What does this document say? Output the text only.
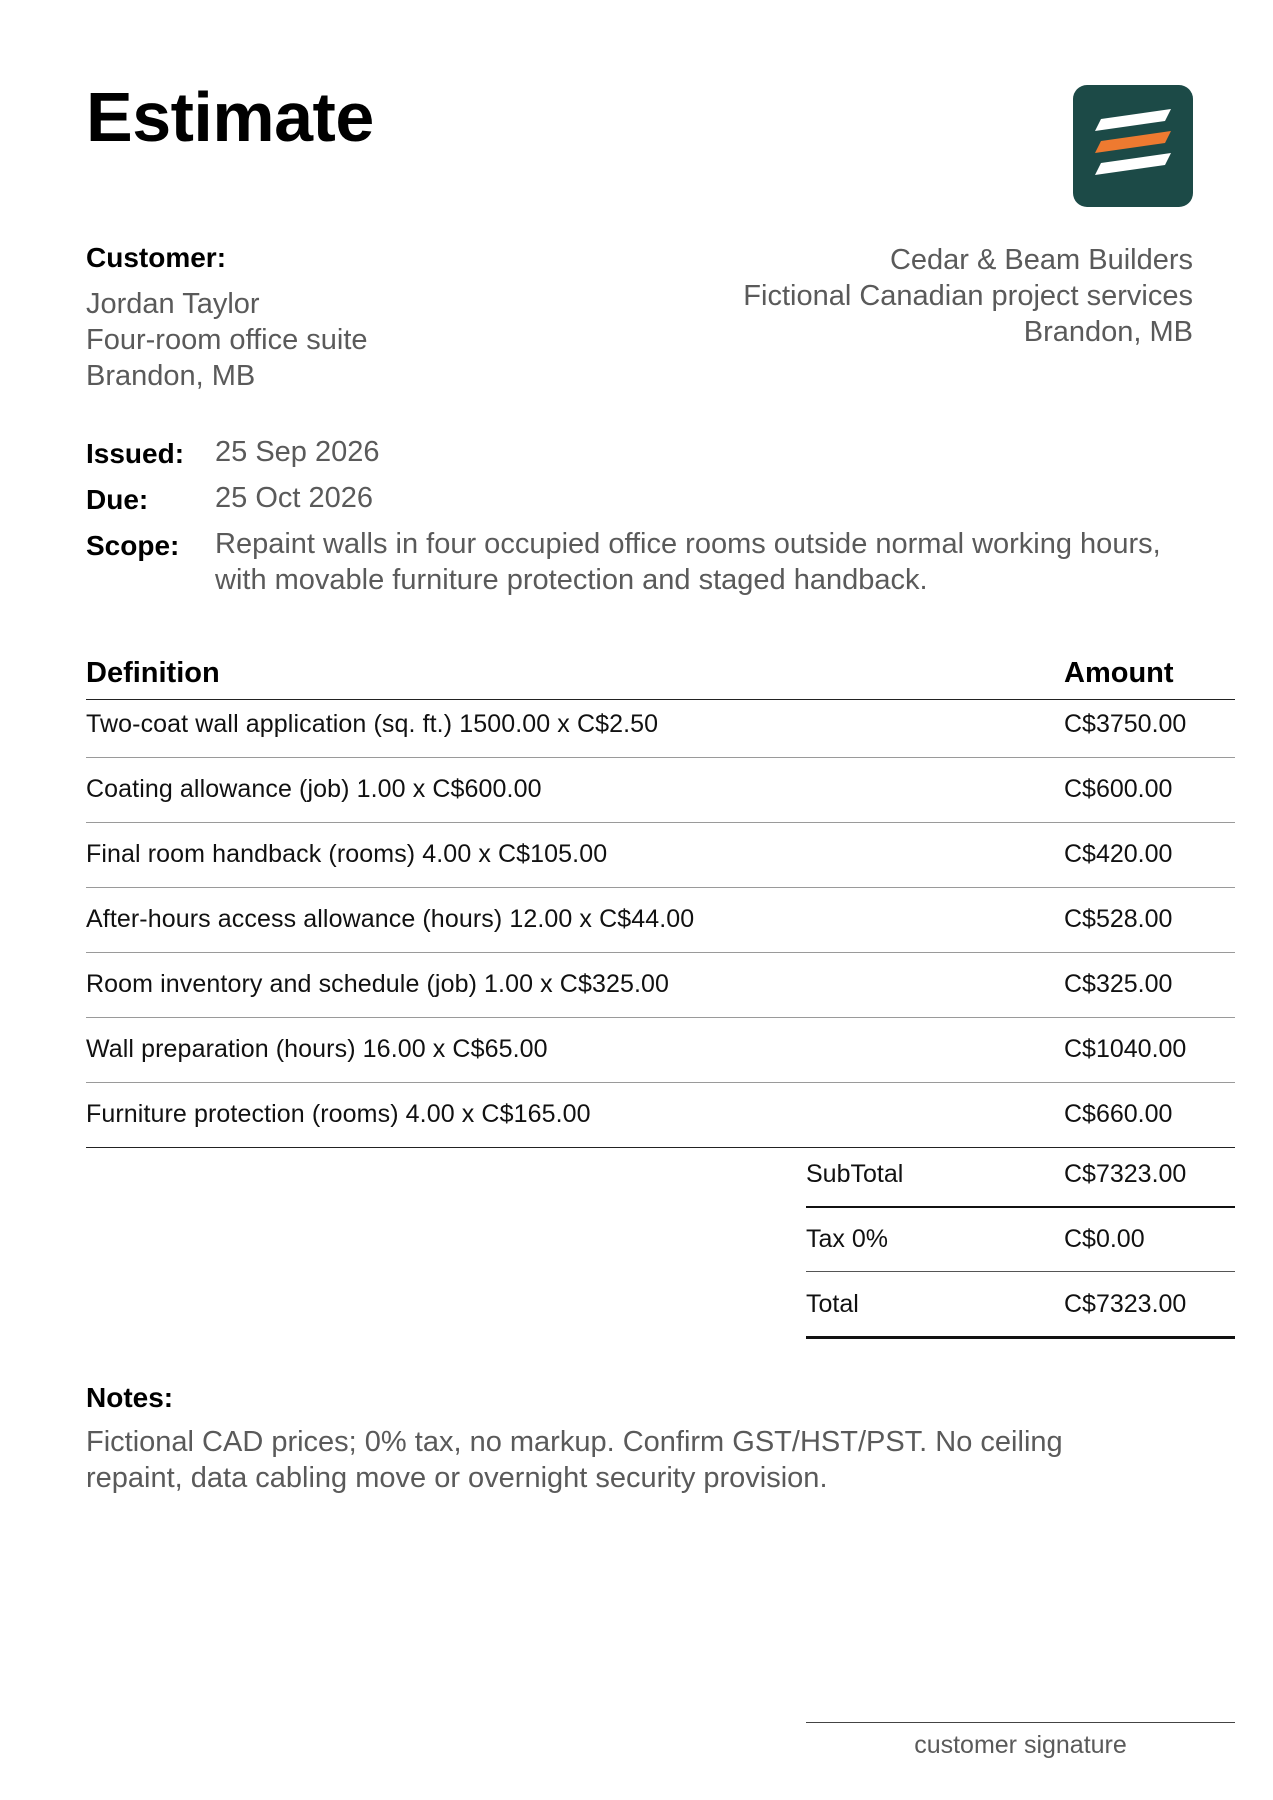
Estimate
Customer:
Jordan Taylor
Four-room office suite
Brandon, MB
Cedar & Beam Builders
Fictional Canadian project services
Brandon, MB
Issued: 25 Sep 2026
Due: 25 Oct 2026
Scope: Repaint walls in four occupied office rooms outside normal working hours, with movable furniture protection and staged handback.
Definition	Amount
Two-coat wall application (sq. ft.) 1500.00 x C$2.50	C$3750.00
Coating allowance (job) 1.00 x C$600.00	C$600.00
Final room handback (rooms) 4.00 x C$105.00	C$420.00
After-hours access allowance (hours) 12.00 x C$44.00	C$528.00
Room inventory and schedule (job) 1.00 x C$325.00	C$325.00
Wall preparation (hours) 16.00 x C$65.00	C$1040.00
Furniture protection (rooms) 4.00 x C$165.00	C$660.00
SubTotal	C$7323.00
Tax 0%	C$0.00
Total	C$7323.00
Notes:
Fictional CAD prices; 0% tax, no markup. Confirm GST/HST/PST. No ceiling repaint, data cabling move or overnight security provision.
customer signature
